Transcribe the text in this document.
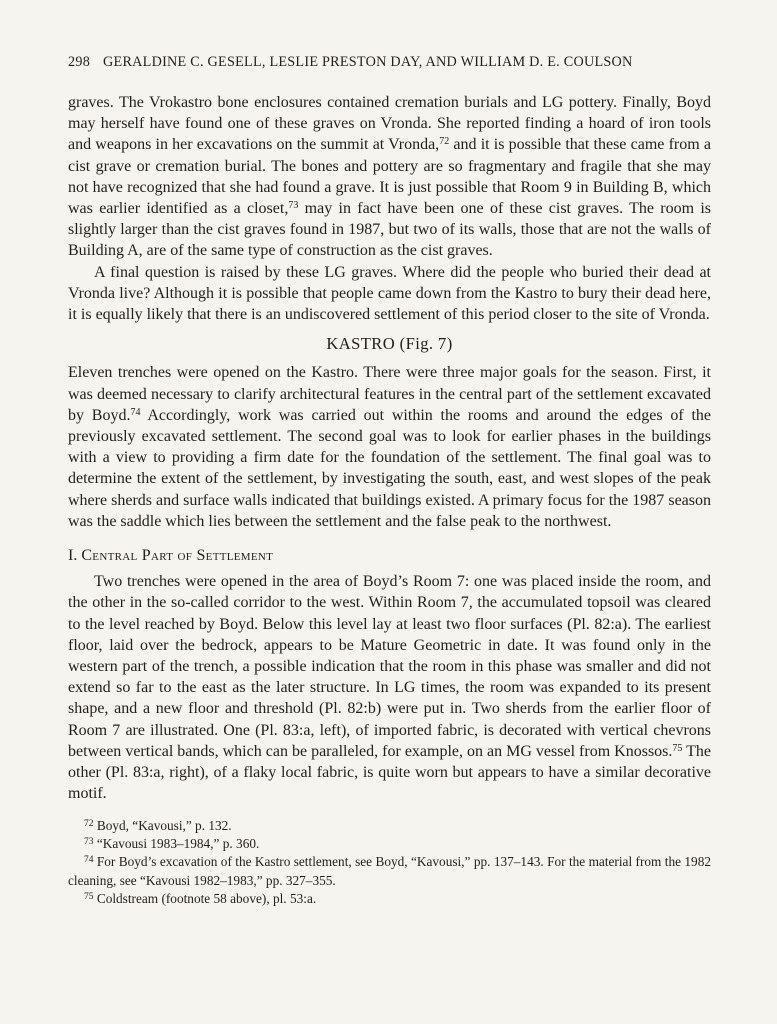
298 GERALDINE C. GESELL, LESLIE PRESTON DAY, AND WILLIAM D. E. COULSON

graves. The Vrokastro bone enclosures contained cremation burials and LG pottery. Finally, Boyd may herself have found one of these graves on Vronda. She reported finding a hoard of iron tools and weapons in her excavations on the summit at Vronda,$^{72}$ and it is possible that these came from a cist grave or cremation burial. The bones and pottery are so fragmentary and fragile that she may not have recognized that she had found a grave. It is just possible that Room 9 in Building B, which was earlier identified as a closet,$^{73}$ may in fact have been one of these cist graves. The room is slightly larger than the cist graves found in 1987, but two of its walls, those that are not the walls of Building A, are of the same type of construction as the cist graves.

A final question is raised by these LG graves. Where did the people who buried their dead at Vronda live? Although it is possible that people came down from the Kastro to bury their dead here, it is equally likely that there is an undiscovered settlement of this period closer to the site of Vronda.

KASTRO (Fig. 7)

Eleven trenches were opened on the Kastro. There were three major goals for the season. First, it was deemed necessary to clarify architectural features in the central part of the settlement excavated by Boyd.$^{74}$ Accordingly, work was carried out within the rooms and around the edges of the previously excavated settlement. The second goal was to look for earlier phases in the buildings with a view to providing a firm date for the foundation of the settlement. The final goal was to determine the extent of the settlement, by investigating the south, east, and west slopes of the peak where sherds and surface walls indicated that buildings existed. A primary focus for the 1987 season was the saddle which lies between the settlement and the false peak to the northwest.

I. Central Part of Settlement

Two trenches were opened in the area of Boyd’s Room 7: one was placed inside the room, and the other in the so-called corridor to the west. Within Room 7, the accumulated topsoil was cleared to the level reached by Boyd. Below this level lay at least two floor surfaces (Pl. 82:a). The earliest floor, laid over the bedrock, appears to be Mature Geometric in date. It was found only in the western part of the trench, a possible indication that the room in this phase was smaller and did not extend so far to the east as the later structure. In LG times, the room was expanded to its present shape, and a new floor and threshold (Pl. 82:b) were put in. Two sherds from the earlier floor of Room 7 are illustrated. One (Pl. 83:a, left), of imported fabric, is decorated with vertical chevrons between vertical bands, which can be paralleled, for example, on an MG vessel from Knossos.$^{75}$ The other (Pl. 83:a, right), of a flaky local fabric, is quite worn but appears to have a similar decorative motif.

$^{72}$ Boyd, “Kavousi,” p. 132.
$^{73}$ “Kavousi 1983–1984,” p. 360.
$^{74}$ For Boyd’s excavation of the Kastro settlement, see Boyd, “Kavousi,” pp. 137–143. For the material from the 1982 cleaning, see “Kavousi 1982–1983,” pp. 327–355.
$^{75}$ Coldstream (footnote 58 above), pl. 53:a.
